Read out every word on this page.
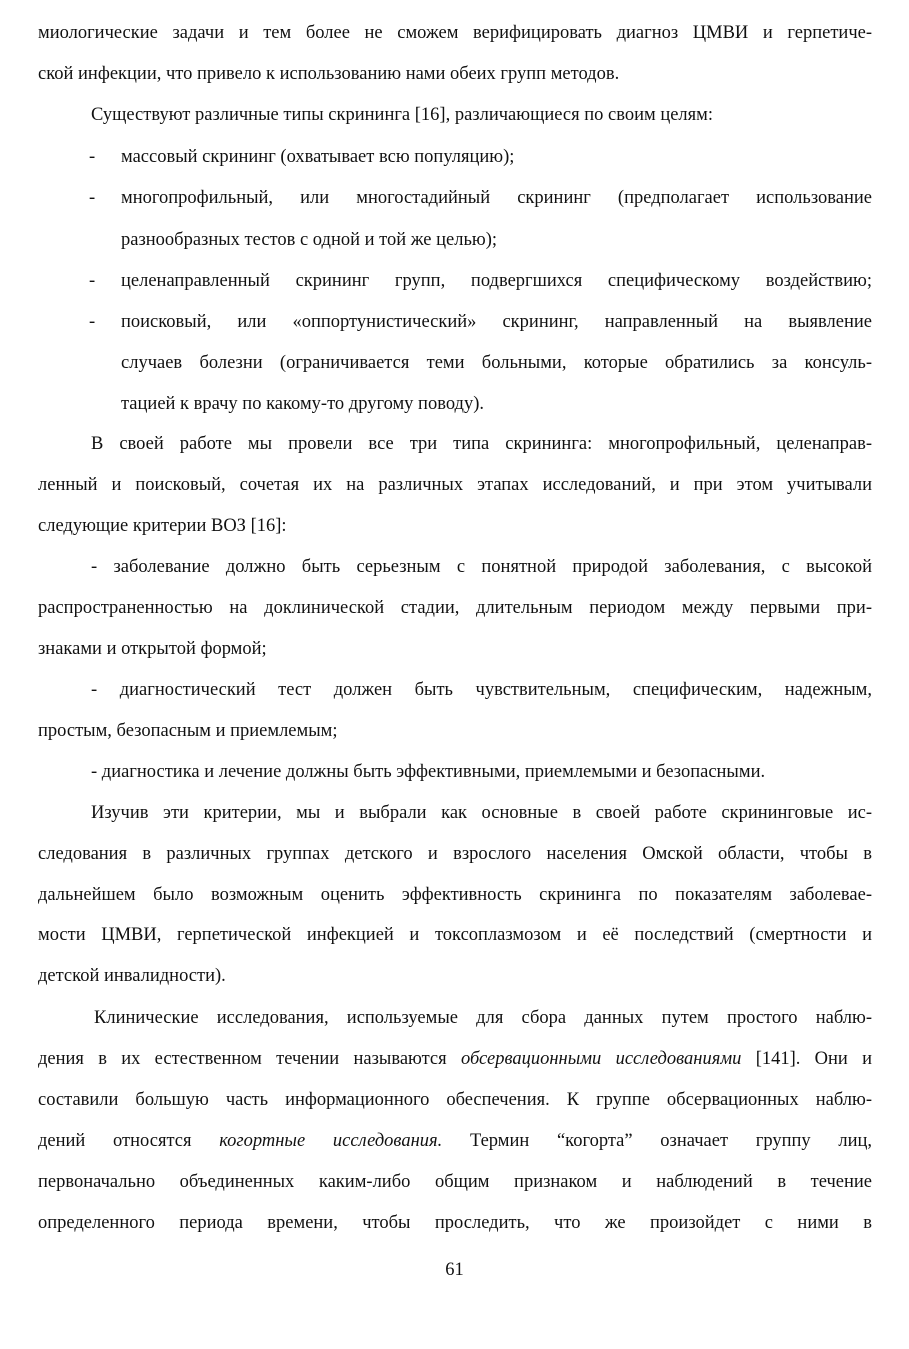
миологические задачи и тем более не сможем верифицировать диагноз ЦМВИ и герпетиче-
ской инфекции, что привело к использованию нами обеих групп методов.
Существуют различные типы скрининга [16], различающиеся по своим целям:
-	массовый скрининг (охватывает всю популяцию);
-	многопрофильный, или многостадийный скрининг (предполагает использование
разнообразных тестов с одной и той же целью);
-	целенаправленный скрининг групп, подвергшихся специфическому воздействию;
-	поисковый, или «оппортунистический» скрининг, направленный на выявление
случаев болезни (ограничивается теми больными, которые обратились за консуль-
тацией к врачу по какому-то другому поводу).
В своей работе мы провели все три типа скрининга: многопрофильный, целенаправ-
ленный и поисковый, сочетая их на различных этапах исследований, и при этом учитывали
следующие критерии ВОЗ [16]:
- заболевание должно быть серьезным с понятной природой заболевания, с высокой
распространенностью на доклинической стадии, длительным периодом между первыми при-
знаками и открытой формой;
- диагностический тест должен быть чувствительным, специфическим, надежным,
простым, безопасным и приемлемым;
- диагностика и лечение должны быть эффективными, приемлемыми и безопасными.
Изучив эти критерии, мы и выбрали как основные в своей работе скрининговые ис-
следования в различных группах детского и взрослого населения Омской области, чтобы в
дальнейшем было возможным оценить эффективность скрининга по показателям заболевае-
мости ЦМВИ, герпетической инфекцией и токсоплазмозом и её последствий (смертности и
детской инвалидности).
Клинические исследования, используемые для сбора данных путем простого наблю-
дения в их естественном течении называются обсервационными исследованиями [141]. Они и
составили большую часть информационного обеспечения. К группе обсервационных наблю-
дений относятся когортные исследования. Термин “когорта” означает группу лиц,
первоначально объединенных каким-либо общим признаком и наблюдений в течение
определенного периода времени, чтобы проследить, что же произойдет с ними в
61
